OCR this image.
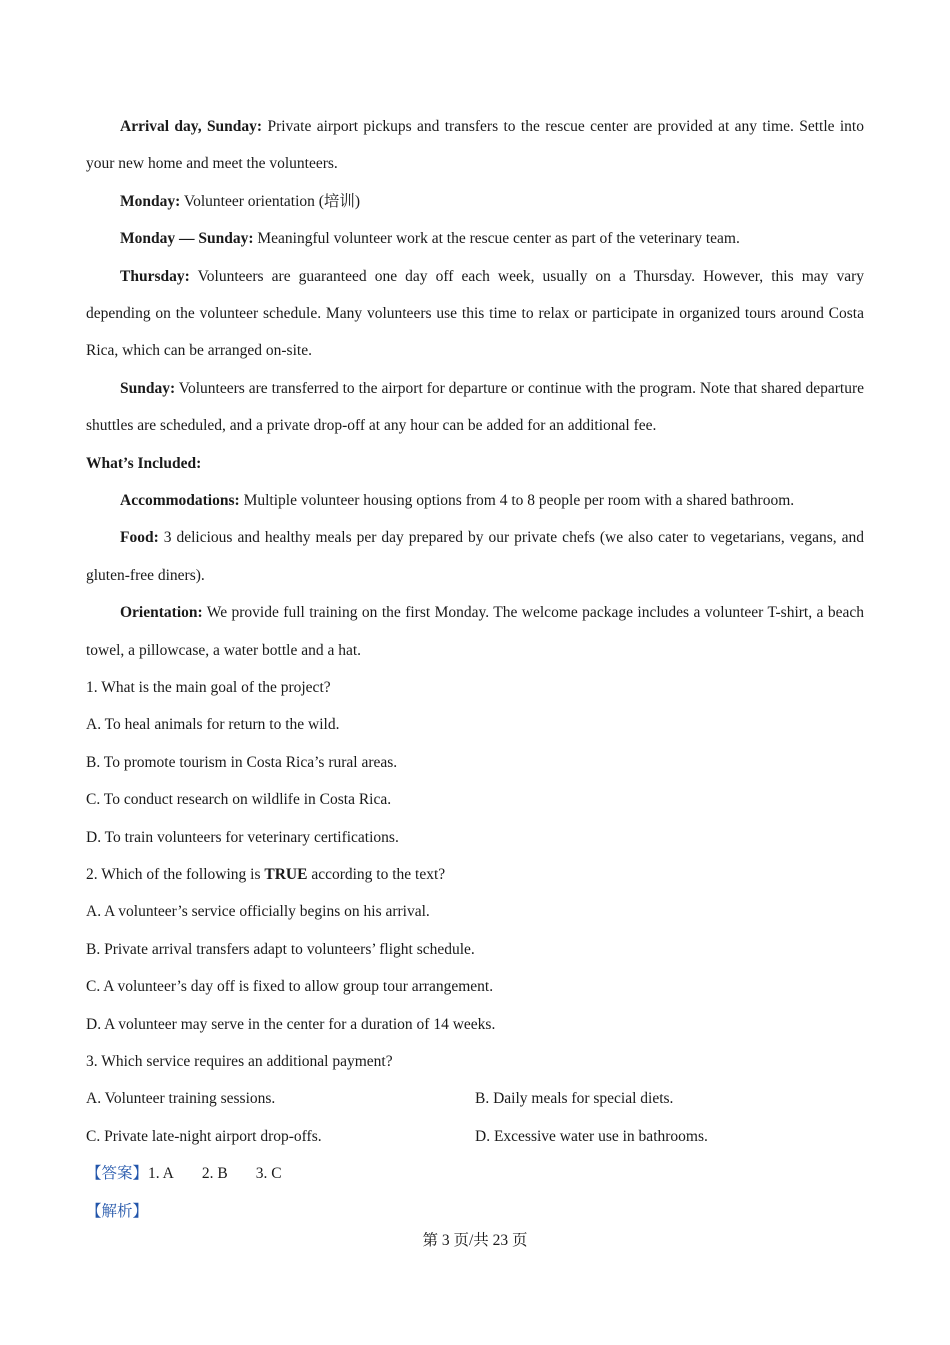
Arrival day, Sunday: Private airport pickups and transfers to the rescue center are provided at any time. Settle into your new home and meet the volunteers.

Monday: Volunteer orientation (培训)

Monday — Sunday: Meaningful volunteer work at the rescue center as part of the veterinary team.

Thursday: Volunteers are guaranteed one day off each week, usually on a Thursday. However, this may vary depending on the volunteer schedule. Many volunteers use this time to relax or participate in organized tours around Costa Rica, which can be arranged on-site.

Sunday: Volunteers are transferred to the airport for departure or continue with the program. Note that shared departure shuttles are scheduled, and a private drop-off at any hour can be added for an additional fee.

What’s Included:

Accommodations: Multiple volunteer housing options from 4 to 8 people per room with a shared bathroom.

Food: 3 delicious and healthy meals per day prepared by our private chefs (we also cater to vegetarians, vegans, and gluten-free diners).

Orientation: We provide full training on the first Monday. The welcome package includes a volunteer T-shirt, a beach towel, a pillowcase, a water bottle and a hat.

1. What is the main goal of the project?
A. To heal animals for return to the wild.
B. To promote tourism in Costa Rica’s rural areas.
C. To conduct research on wildlife in Costa Rica.
D. To train volunteers for veterinary certifications.
2. Which of the following is TRUE according to the text?
A. A volunteer’s service officially begins on his arrival.
B. Private arrival transfers adapt to volunteers’ flight schedule.
C. A volunteer’s day off is fixed to allow group tour arrangement.
D. A volunteer may serve in the center for a duration of 14 weeks.
3. Which service requires an additional payment?
A. Volunteer training sessions.	B. Daily meals for special diets.
C. Private late-night airport drop-offs.	D. Excessive water use in bathrooms.
【答案】1. A 2. B 3. C
【解析】
第 3 页/共 23 页
